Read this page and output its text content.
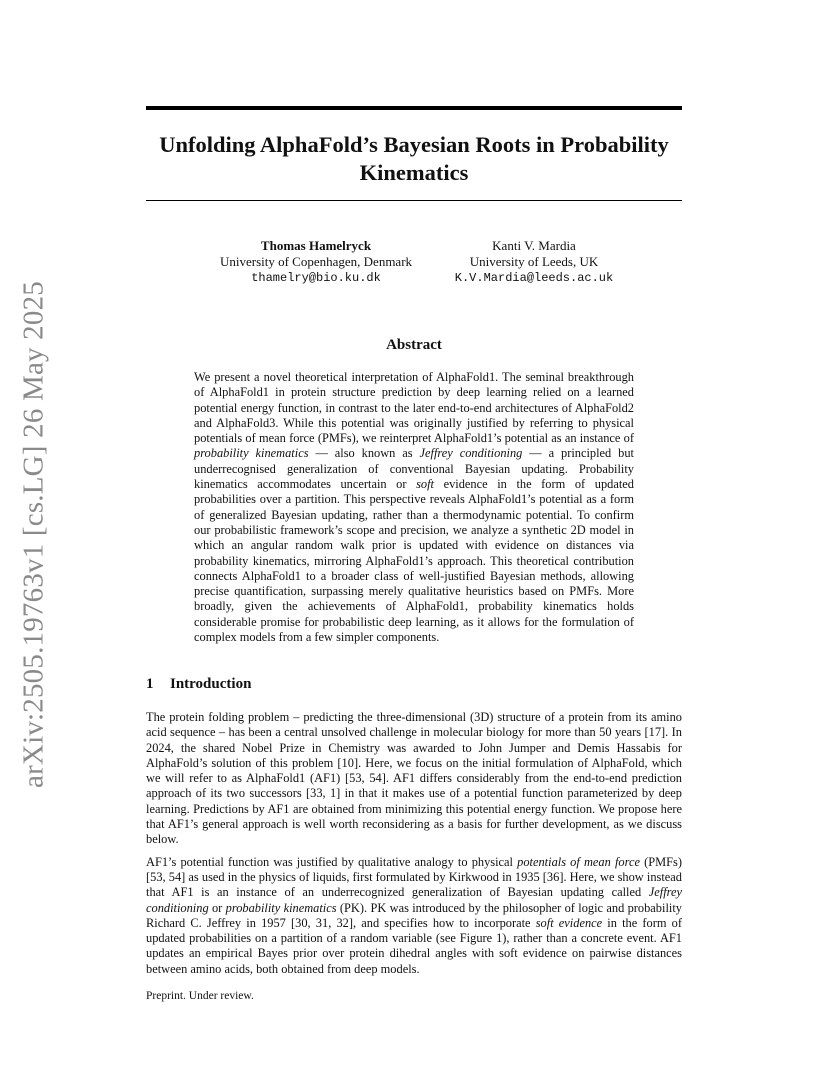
arXiv:2505.19763v1 [cs.LG] 26 May 2025
Unfolding AlphaFold’s Bayesian Roots in Probability Kinematics
Thomas Hamelryck
University of Copenhagen, Denmark
thamelry@bio.ku.dk
Kanti V. Mardia
University of Leeds, UK
K.V.Mardia@leeds.ac.uk
Abstract

We present a novel theoretical interpretation of AlphaFold1. The seminal breakthrough of AlphaFold1 in protein structure prediction by deep learning relied on a learned potential energy function, in contrast to the later end-to-end architectures of AlphaFold2 and AlphaFold3. While this potential was originally justified by referring to physical potentials of mean force (PMFs), we reinterpret AlphaFold1’s potential as an instance of probability kinematics — also known as Jeffrey conditioning — a principled but underrecognised generalization of conventional Bayesian updating. Probability kinematics accommodates uncertain or soft evidence in the form of updated probabilities over a partition. This perspective reveals AlphaFold1’s potential as a form of generalized Bayesian updating, rather than a thermodynamic potential. To confirm our probabilistic framework’s scope and precision, we analyze a synthetic 2D model in which an angular random walk prior is updated with evidence on distances via probability kinematics, mirroring AlphaFold1’s approach. This theoretical contribution connects AlphaFold1 to a broader class of well-justified Bayesian methods, allowing precise quantification, surpassing merely qualitative heuristics based on PMFs. More broadly, given the achievements of AlphaFold1, probability kinematics holds considerable promise for probabilistic deep learning, as it allows for the formulation of complex models from a few simpler components.

1 Introduction

The protein folding problem – predicting the three-dimensional (3D) structure of a protein from its amino acid sequence – has been a central unsolved challenge in molecular biology for more than 50 years [17]. In 2024, the shared Nobel Prize in Chemistry was awarded to John Jumper and Demis Hassabis for AlphaFold’s solution of this problem [10]. Here, we focus on the initial formulation of AlphaFold, which we will refer to as AlphaFold1 (AF1) [53, 54]. AF1 differs considerably from the end-to-end prediction approach of its two successors [33, 1] in that it makes use of a potential function parameterized by deep learning. Predictions by AF1 are obtained from minimizing this potential energy function. We propose here that AF1’s general approach is well worth reconsidering as a basis for further development, as we discuss below.

AF1’s potential function was justified by qualitative analogy to physical potentials of mean force (PMFs) [53, 54] as used in the physics of liquids, first formulated by Kirkwood in 1935 [36]. Here, we show instead that AF1 is an instance of an underrecognized generalization of Bayesian updating called Jeffrey conditioning or probability kinematics (PK). PK was introduced by the philosopher of logic and probability Richard C. Jeffrey in 1957 [30, 31, 32], and specifies how to incorporate soft evidence in the form of updated probabilities on a partition of a random variable (see Figure 1), rather than a concrete event. AF1 updates an empirical Bayes prior over protein dihedral angles with soft evidence on pairwise distances between amino acids, both obtained from deep models.

Preprint. Under review.
